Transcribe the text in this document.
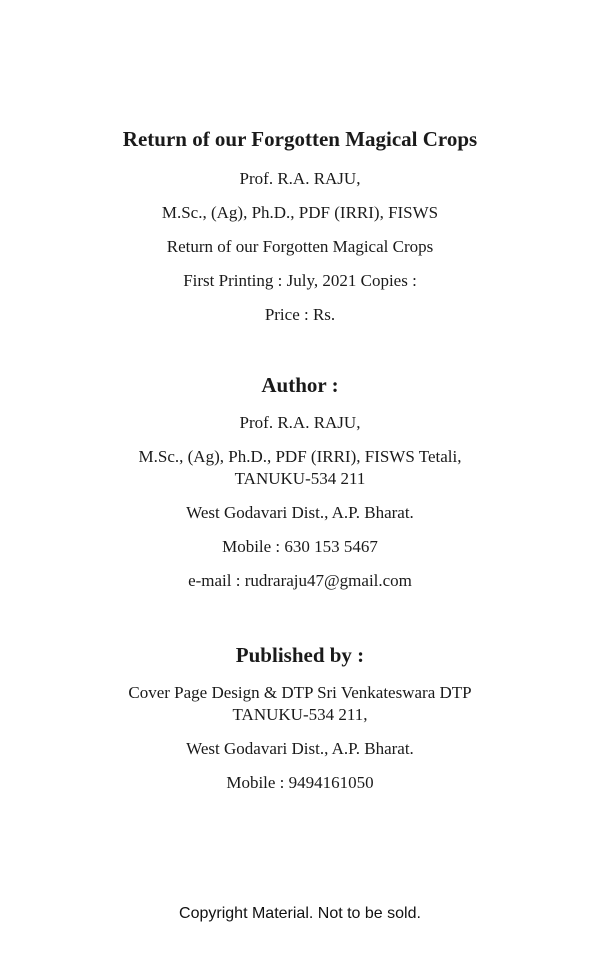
Return of our Forgotten Magical Crops

Prof. R.A. RAJU,

M.Sc., (Ag), Ph.D., PDF (IRRI), FISWS

Return of our Forgotten Magical Crops

First Printing : July, 2021 Copies :

Price : Rs.

Author :

Prof. R.A. RAJU,

M.Sc., (Ag), Ph.D., PDF (IRRI), FISWS Tetali, TANUKU-534 211

West Godavari Dist., A.P. Bharat.

Mobile : 630 153 5467

e-mail : rudraraju47@gmail.com

Published by :

Cover Page Design & DTP Sri Venkateswara DTP TANUKU-534 211,

West Godavari Dist., A.P. Bharat.

Mobile : 9494161050

Copyright Material. Not to be sold.
